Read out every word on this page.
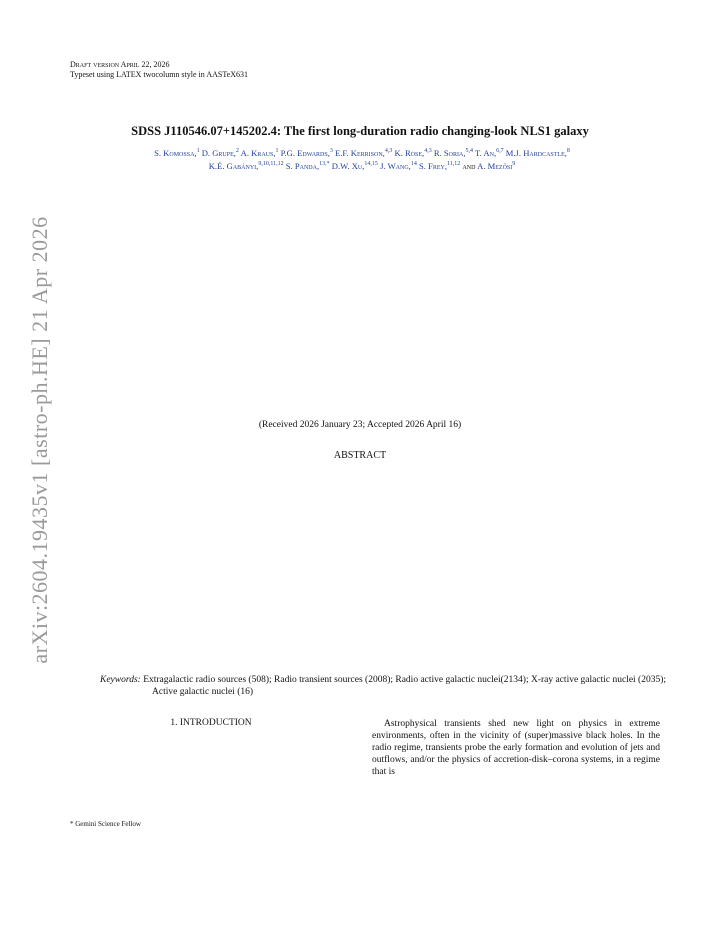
arXiv:2604.19435v1 [astro-ph.HE] 21 Apr 2026
Draft version April 22, 2026
Typeset using LATEX twocolumn style in AASTeX631
SDSS J110546.07+145202.4: The first long-duration radio changing-look NLS1 galaxy
S. Komossa,$^1$ D. Grupe,$^2$ A. Kraus,$^1$ P.G. Edwards,$^3$ E.F. Kerrison,$^{4,3}$ K. Rose,$^{4,3}$ R. Soria,$^{5,4}$ T. An,$^{6,7}$ M.J. Hardcastle,$^8$
K.É. Gabányi,$^{9,10,11,12}$ S. Panda,$^{13,*}$ D.W. Xu,$^{14,15}$ J. Wang,$^{14}$ S. Frey,$^{11,12}$ and A. Mezősi$^9$
(Received 2026 January 23; Accepted 2026 April 16)
ABSTRACT
Keywords: Extragalactic radio sources (508); Radio transient sources (2008); Radio active galactic nuclei(2134); X-ray active galactic nuclei (2035); Active galactic nuclei (16)
1. INTRODUCTION	Astrophysical transients shed new light on physics in extreme environments, often in the vicinity of (super)massive black holes. In the radio regime, transients probe the early formation and evolution of jets and outflows, and/or the physics of accretion-disk–corona systems, in a regime that is

* Gemini Science Fellow
